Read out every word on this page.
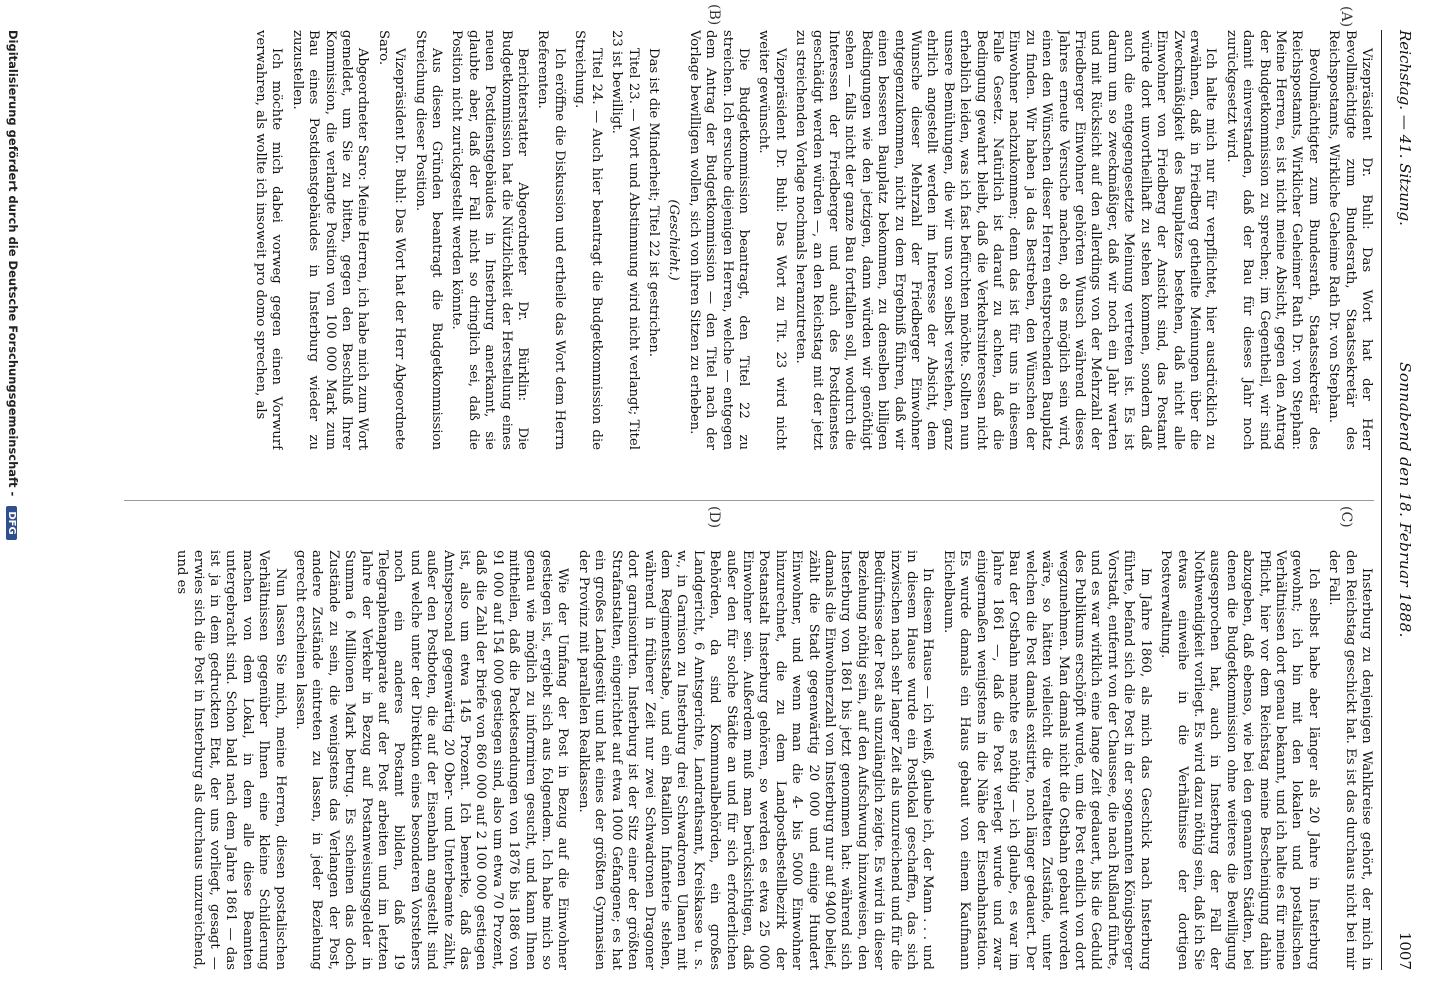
Reichstag. — 41. Sitzung.
Sonnabend den 18. Februar 1888.
1007
(A)
(B)
(C)
(D)

Vizepräsident Dr. Buhl: Das Wort hat der Herr Bevollmächtigte zum Bundesrath, Staatssekretär des Reichspostamts, Wirkliche Geheime Rath Dr. von Stephan.

Bevollmächtigter zum Bundesrath, Staatssekretär des Reichspostamts, Wirklicher Geheimer Rath Dr. von Stephan: Meine Herren, es ist nicht meine Absicht, gegen den Antrag der Budgetkommission zu sprechen; im Gegentheil, wir sind damit einverstanden, daß der Bau für dieses Jahr noch zurückgesetzt wird.

Ich halte mich nur für verpflichtet, hier ausdrücklich zu erwähnen, daß in Friedberg getheilte Meinungen über die Zweckmäßigkeit des Bauplatzes bestehen, daß nicht alle Einwohner von Friedberg der Ansicht sind, das Postamt würde dort unvortheilhaft zu stehen kommen, sondern daß auch die entgegengesetzte Meinung vertreten ist. Es ist darum um so zweckmäßiger, daß wir noch ein Jahr warten und mit Rücksicht auf den allerdings von der Mehrzahl der Friedberger Einwohner gehörten Wunsch während dieses Jahres erneute Versuche machen, ob es möglich sein wird, einen den Wünschen dieser Herren entsprechenden Bauplatz zu finden. Wir haben ja das Bestreben, den Wünschen der Einwohner nachzukommen; denn das ist für uns in diesem Falle Gesetz. Natürlich ist darauf zu achten, daß die Bedingung gewahrt bleibt, daß die Verkehrsinteressen nicht erheblich leiden, was ich fast befürchten möchte. Sollten nun unsere Bemühungen, die wir uns von selbst verstehen, ganz ehrlich angestellt werden im Interesse der Absicht, dem Wunsche dieser Mehrzahl der Friedberger Einwohner entgegenzukommen, nicht zu dem Ergebniß führen, daß wir einen besseren Bauplatz bekommen, zu denselben billigen Bedingungen wie den jetzigen, dann würden wir genöthigt sehen — falls nicht der ganze Bau fortfallen soll, wodurch die Interessen der Friedberger und auch des Postdienstes geschädigt werden würden —, an den Reichstag mit der jetzt zu streichenden Vorlage nochmals heranzutreten.

Vizepräsident Dr. Buhl: Das Wort zu Tit. 23 wird nicht weiter gewünscht.

Die Budgetkommission beantragt, den Titel 22 zu streichen. Ich ersuche diejenigen Herren, welche — entgegen dem Antrag der Budgetkommission — den Titel nach der Vorlage bewilligen wollen, sich von ihren Sitzen zu erheben.

(Geschieht.)

Das ist die Minderheit; Titel 22 ist gestrichen.

Titel 23. — Wort und Abstimmung wird nicht verlangt; Titel 23 ist bewilligt.

Titel 24. — Auch hier beantragt die Budgetkommission die Streichung.

Ich eröffne die Diskussion und ertheile das Wort dem Herrn Referenten.

Berichterstatter Abgeordneter Dr. Bürklin: Die Budgetkommission hat die Nützlichkeit der Herstellung eines neuen Postdienstgebäudes in Insterburg anerkannt, sie glaubte aber, daß der Fall nicht so dringlich sei, daß die Position nicht zurückgestellt werden könnte.

Aus diesen Gründen beantragt die Budgetkommission Streichung dieser Position.

Vizepräsident Dr. Buhl: Das Wort hat der Herr Abgeordnete Saro.

Abgeordneter Saro: Meine Herren, ich habe mich zum Wort gemeldet, um Sie zu bitten, gegen den Beschluß Ihrer Kommission, die verlangte Position von 100 000 Mark zum Bau eines Postdienstgebäudes in Insterburg wieder zu zuzustellen.

Ich möchte mich dabei vorweg gegen einen Vorwurf verwahren, als wollte ich insoweit pro domo sprechen, als

Insterburg zu denjenigen Wahlkreise gehört, der mich in den Reichstag geschickt hat. Es ist das durchaus nicht bei mir der Fall.

Ich selbst habe aber länger als 20 Jahre in Insterburg gewohnt; ich bin mit den lokalen und postalischen Verhältnissen dort genau bekannt, und ich halte es für meine Pflicht, hier vor dem Reichstag meine Bescheinigung dahin abzugeben, daß ebenso, wie bei den genannten Städten, bei denen die Budgetkommission ohne weiteres die Bewilligung ausgesprochen hat, auch in Insterburg der Fall der Nothwendigkeit vorliegt. Es wird dazu nöthig sein, daß ich Sie etwas einweihe in die Verhältnisse der dortigen Postverwaltung.

Im Jahre 1860, als mich das Geschick nach Insterburg führte, befand sich die Post in der sogenannten Königsberger Vorstadt, entfernt von der Chaussee, die nach Rußland führte, und es war wirklich eine lange Zeit gedauert, bis die Geduld des Publikums erschöpft wurde, um die Post endlich von dort wegzunehmen. Man damals nicht die Ostbahn gebaut worden wäre, so hätten vielleicht die veralteten Zustände, unter welchen die Post damals existirte, noch länger gedauert. Der Bau der Ostbahn machte es nöthig — ich glaube, es war im Jahre 1861 —, daß die Post verlegt wurde und zwar einigermaßen wenigstens in die Nähe der Eisenbahnstation. Es wurde damals ein Haus gebaut von einem Kaufmann Eichelbaum.

In diesem Hause — ich weiß, glaube ich, der Mann . . . und in diesem Hause wurde ein Postlokal geschaffen, das sich inzwischen nach sehr langer Zeit als unzureichend und für die Bedürfnisse der Post als unzulänglich zeigte. Es wird in dieser Beziehung nöthig sein, auf den Aufschwung hinzuweisen, den Insterburg von 1861 bis jetzt genommen hat: während sich damals die Einwohnerzahl von Insterburg nur auf 9400 belief, zählt die Stadt gegenwärtig 20 000 und einige Hundert Einwohner, und wenn man die 4- bis 5000 Einwohner hinzurechnet, die zu dem Landpostbestellbezirk der Postanstalt Insterburg gehören, so werden es etwa 25 000 Einwohner sein. Außerdem muß man berücksichtigen, daß außer den für solche Städte an und für sich erforderlichen Behörden, da sind Kommunalbehörden, ein großes Landgericht, 6 Amtsgerichte, Landrathsamt, Kreiskasse u. s. w., in Garnison zu Insterburg drei Schwadronen Ulanen mit dem Regimentsstabe, und ein Bataillon Infanterie stehen, während in früherer Zeit nur zwei Schwadronen Dragoner dort garnisonirten. Insterburg ist der Sitz einer der größten Strafanstalten, eingerichtet auf etwa 1000 Gefangene; es hat ein großes Landgestüt und hat eines der größten Gymnasien der Provinz mit parallelen Realklassen.

Wie der Umfang der Post in Bezug auf die Einwohner gestiegen ist, ergiebt sich aus folgendem. Ich habe mich so genau wie möglich zu informiren gesucht, und kann Ihnen mittheilen, daß die Packetsendungen von 1876 bis 1886 von 91 000 auf 154 000 gestiegen sind, also um etwa 70 Prozent, daß die Zahl der Briefe von 860 000 auf 2 100 000 gestiegen ist, also um etwa 145 Prozent. Ich bemerke, daß das Amtspersonal gegenwärtig 20 Ober- und Unterbeamte zählt, außer den Postboten, die auf der Eisenbahn angestellt sind und welche unter der Direktion eines besonderen Vorstehers noch ein anderes Postamt bilden, daß 19 Telegraphenapparate auf der Post arbeiten und im letzten Jahre der Verkehr in Bezug auf Postanweisungsgelder in Summa 6 Millionen Mark betrug. Es scheinen das doch Zustände zu sein, die wenigstens das Verlangen der Post, andere Zustände eintreten zu lassen, in jeder Beziehung gerecht erscheinen lassen.

Nun lassen Sie mich, meine Herren, diesen postalischen Verhältnissen gegenüber Ihnen eine kleine Schilderung machen von dem Lokal, in dem alle diese Beamten untergebracht sind. Schon bald nach dem Jahre 1861 — das ist ja in dem gedruckten Etat, der uns vorliegt, gesagt — erwies sich die Post in Insterburg als durchaus unzureichend, und es

Digitalisierung gefördert durch die Deutsche Forschungsgemeinschaft - DFG
